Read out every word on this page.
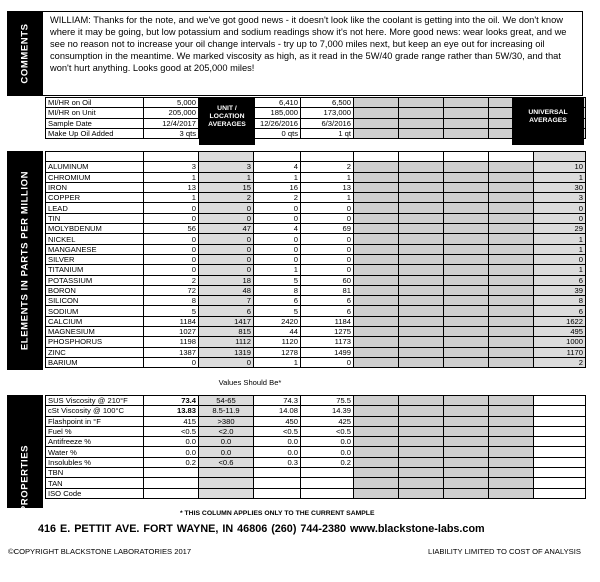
COMMENTS
WILLIAM: Thanks for the note, and we've got good news - it doesn't look like the coolant is getting into the oil. We don't know where it may be going, but low potassium and sodium readings show it's not here. More good news: wear looks great, and we see no reason not to increase your oil change intervals - try up to 7,000 miles next, but keep an eye out for increasing oil consumption in the meantime. We marked viscosity as high, as it read in the 5W/40 grade range rather than 5W/30, and that won't hurt anything. Looks good at 205,000 miles!
MI/HR on Oil	5,000		6,410	6,500					
MI/HR on Unit	205,000		185,000	173,000					
Sample Date	12/4/2017		12/26/2016	6/3/2016					
Make Up Oil Added	3 qts		0 qts	1 qt					
UNIT / LOCATION AVERAGES
UNIVERSAL AVERAGES
ELEMENTS IN PARTS PER MILLION

ALUMINUM	3	3	4	2					10
CHROMIUM	1	1	1	1					1
IRON	13	15	16	13					30
COPPER	1	2	2	1					3
LEAD	0	0	0	0					0
TIN	0	0	0	0					0
MOLYBDENUM	56	47	4	69					29
NICKEL	0	0	0	0					1
MANGANESE	0	0	0	0					1
SILVER	0	0	0	0					0
TITANIUM	0	0	1	0					1
POTASSIUM	2	18	5	60					6
BORON	72	48	8	81					39
SILICON	8	7	6	6					8
SODIUM	5	6	5	6					6
CALCIUM	1184	1417	2420	1184					1622
MAGNESIUM	1027	815	44	1275					495
PHOSPHORUS	1198	1112	1120	1173					1000
ZINC	1387	1319	1278	1499					1170
BARIUM	0	0	1	0					2
Values Should Be*
PROPERTIES
SUS Viscosity @ 210°F	73.4	54-65	74.3	75.5					
cSt Viscosity @ 100°C	13.83	8.5-11.9	14.08	14.39					
Flashpoint in °F	415	>380	450	425					
Fuel %	<0.5	<2.0	<0.5	<0.5					
Antifreeze %	0.0	0.0	0.0	0.0					
Water %	0.0	0.0	0.0	0.0					
Insolubles %	0.2	<0.6	0.3	0.2					
TBN									
TAN									
ISO Code									
* THIS COLUMN APPLIES ONLY TO THE CURRENT SAMPLE
416 E. PETTIT AVE. FORT WAYNE, IN 46806 (260) 744-2380 www.blackstone-labs.com
©COPYRIGHT BLACKSTONE LABORATORIES 2017	LIABILITY LIMITED TO COST OF ANALYSIS
